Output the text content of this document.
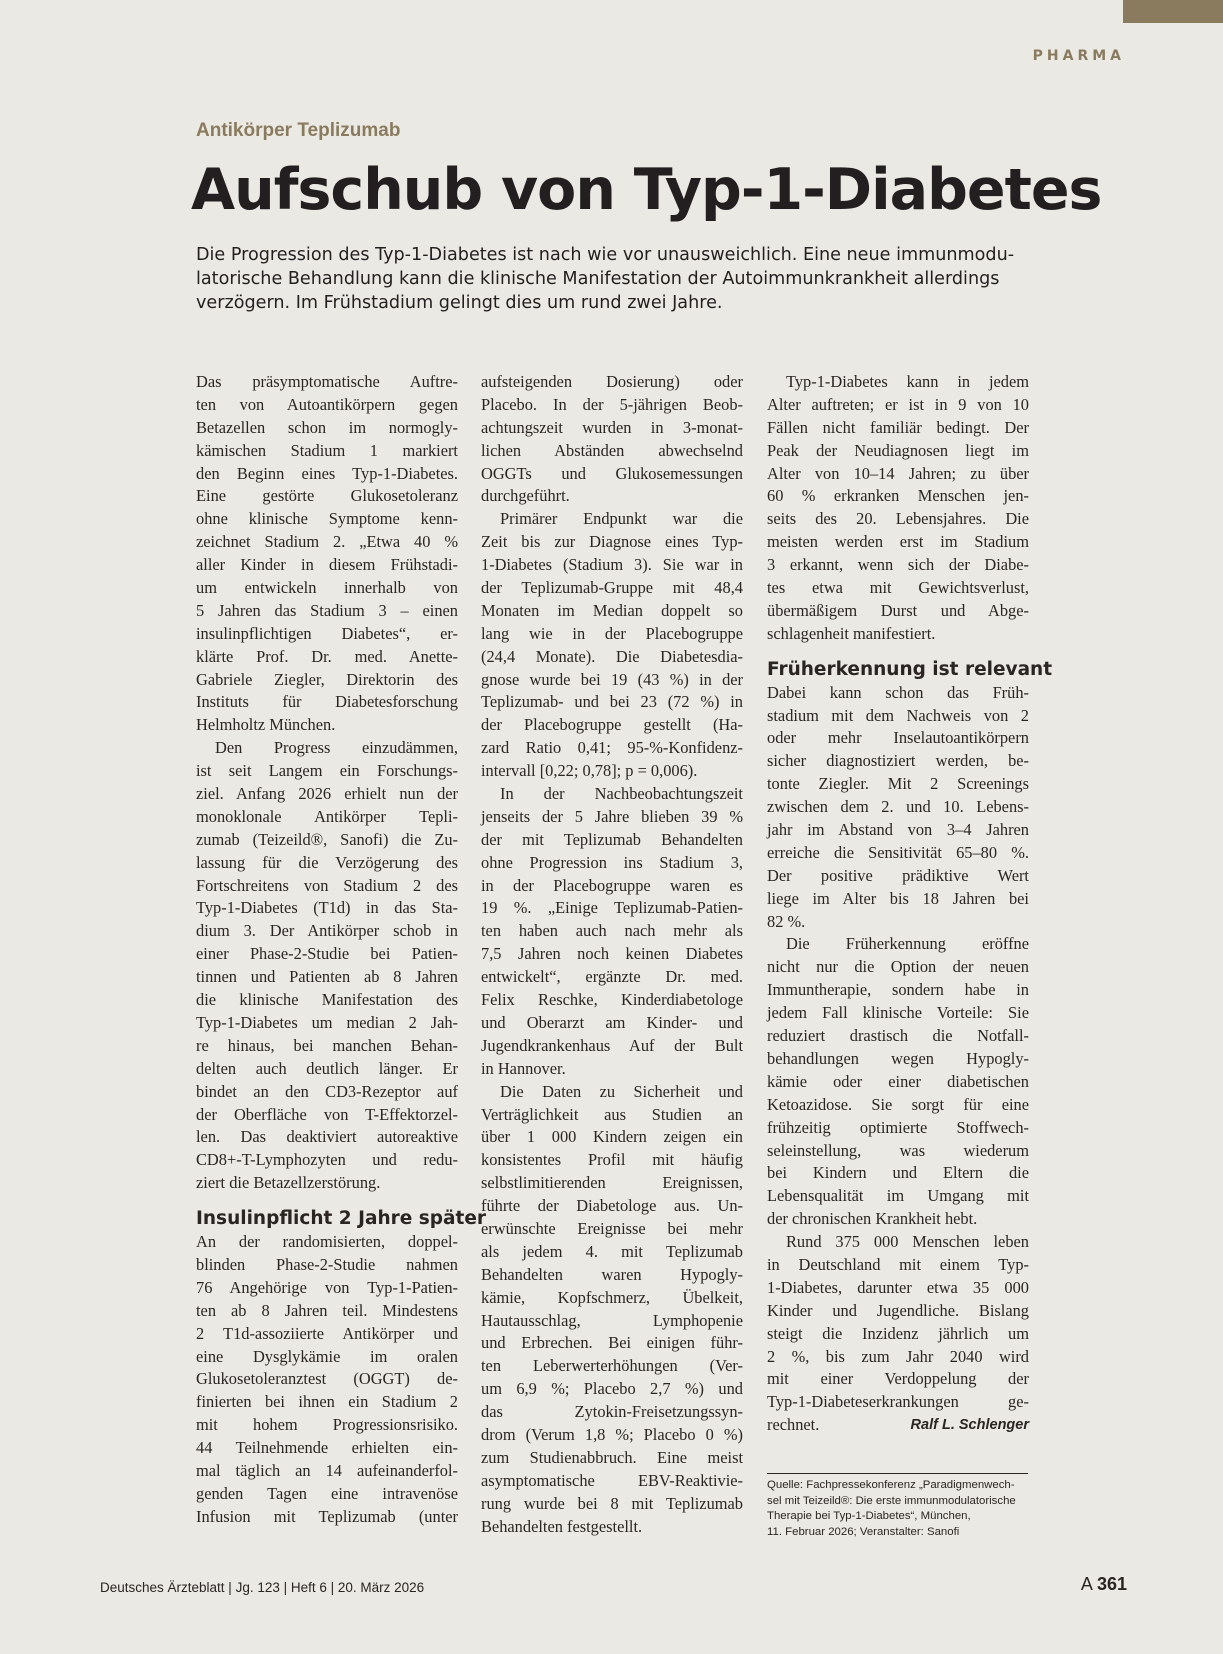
PHARMA
Antikörper Teplizumab
Aufschub von Typ-1-Diabetes
Die Progression des Typ-1-Diabetes ist nach wie vor unausweichlich. Eine neue immunmodu-
latorische Behandlung kann die klinische Manifestation der Autoimmunkrankheit allerdings
verzögern. Im Frühstadium gelingt dies um rund zwei Jahre.
Das präsymptomatische Auftre-
ten von Autoantikörpern gegen
Betazellen schon im normogly-
kämischen Stadium 1 markiert
den Beginn eines Typ-1-Diabetes.
Eine gestörte Glukosetoleranz
ohne klinische Symptome kenn-
zeichnet Stadium 2. „Etwa 40 %
aller Kinder in diesem Frühstadi-
um entwickeln innerhalb von
5 Jahren das Stadium 3 – einen
insulinpflichtigen Diabetes“, er-
klärte Prof. Dr. med. Anette-
Gabriele Ziegler, Direktorin des
Instituts für Diabetesforschung
Helmholtz München.
Den Progress einzudämmen,
ist seit Langem ein Forschungs-
ziel. Anfang 2026 erhielt nun der
monoklonale Antikörper Tepli-
zumab (Teizeild®, Sanofi) die Zu-
lassung für die Verzögerung des
Fortschreitens von Stadium 2 des
Typ-1-Diabetes (T1d) in das Sta-
dium 3. Der Antikörper schob in
einer Phase-2-Studie bei Patien-
tinnen und Patienten ab 8 Jahren
die klinische Manifestation des
Typ-1-Diabetes um median 2 Jah-
re hinaus, bei manchen Behan-
delten auch deutlich länger. Er
bindet an den CD3-Rezeptor auf
der Oberfläche von T-Effektorzel-
len. Das deaktiviert autoreaktive
CD8+-T-Lymphozyten und redu-
ziert die Betazellzerstörung.
Insulinpflicht 2 Jahre später
An der randomisierten, doppel-
blinden Phase-2-Studie nahmen
76 Angehörige von Typ-1-Patien-
ten ab 8 Jahren teil. Mindestens
2 T1d-assoziierte Antikörper und
eine Dysglykämie im oralen
Glukosetoleranztest (OGGT) de-
finierten bei ihnen ein Stadium 2
mit hohem Progressionsrisiko.
44 Teilnehmende erhielten ein-
mal täglich an 14 aufeinanderfol-
genden Tagen eine intravenöse
Infusion mit Teplizumab (unter
aufsteigenden Dosierung) oder
Placebo. In der 5-jährigen Beob-
achtungszeit wurden in 3-monat-
lichen Abständen abwechselnd
OGGTs und Glukosemessungen
durchgeführt.
Primärer Endpunkt war die
Zeit bis zur Diagnose eines Typ-
1-Diabetes (Stadium 3). Sie war in
der Teplizumab-Gruppe mit 48,4
Monaten im Median doppelt so
lang wie in der Placebogruppe
(24,4 Monate). Die Diabetesdia-
gnose wurde bei 19 (43 %) in der
Teplizumab- und bei 23 (72 %) in
der Placebogruppe gestellt (Ha-
zard Ratio 0,41; 95-%-Konfidenz-
intervall [0,22; 0,78]; p = 0,006).
In der Nachbeobachtungszeit
jenseits der 5 Jahre blieben 39 %
der mit Teplizumab Behandelten
ohne Progression ins Stadium 3,
in der Placebogruppe waren es
19 %. „Einige Teplizumab-Patien-
ten haben auch nach mehr als
7,5 Jahren noch keinen Diabetes
entwickelt“, ergänzte Dr. med.
Felix Reschke, Kinderdiabetologe
und Oberarzt am Kinder- und
Jugendkrankenhaus Auf der Bult
in Hannover.
Die Daten zu Sicherheit und
Verträglichkeit aus Studien an
über 1 000 Kindern zeigen ein
konsistentes Profil mit häufig
selbstlimitierenden Ereignissen,
führte der Diabetologe aus. Un-
erwünschte Ereignisse bei mehr
als jedem 4. mit Teplizumab
Behandelten waren Hypogly-
kämie, Kopfschmerz, Übelkeit,
Hautausschlag, Lymphopenie
und Erbrechen. Bei einigen führ-
ten Leberwerterhöhungen (Ver-
um 6,9 %; Placebo 2,7 %) und
das Zytokin-Freisetzungssyn-
drom (Verum 1,8 %; Placebo 0 %)
zum Studienabbruch. Eine meist
asymptomatische EBV-Reaktivie-
rung wurde bei 8 mit Teplizumab
Behandelten festgestellt.
Typ-1-Diabetes kann in jedem
Alter auftreten; er ist in 9 von 10
Fällen nicht familiär bedingt. Der
Peak der Neudiagnosen liegt im
Alter von 10–14 Jahren; zu über
60 % erkranken Menschen jen-
seits des 20. Lebensjahres. Die
meisten werden erst im Stadium
3 erkannt, wenn sich der Diabe-
tes etwa mit Gewichtsverlust,
übermäßigem Durst und Abge-
schlagenheit manifestiert.
Früherkennung ist relevant
Dabei kann schon das Früh-
stadium mit dem Nachweis von 2
oder mehr Inselautoantikörpern
sicher diagnostiziert werden, be-
tonte Ziegler. Mit 2 Screenings
zwischen dem 2. und 10. Lebens-
jahr im Abstand von 3–4 Jahren
erreiche die Sensitivität 65–80 %.
Der positive prädiktive Wert
liege im Alter bis 18 Jahren bei
82 %.
Die Früherkennung eröffne
nicht nur die Option der neuen
Immuntherapie, sondern habe in
jedem Fall klinische Vorteile: Sie
reduziert drastisch die Notfall-
behandlungen wegen Hypogly-
kämie oder einer diabetischen
Ketoazidose. Sie sorgt für eine
frühzeitig optimierte Stoffwech-
seleinstellung, was wiederum
bei Kindern und Eltern die
Lebensqualität im Umgang mit
der chronischen Krankheit hebt.
Rund 375 000 Menschen leben
in Deutschland mit einem Typ-
1-Diabetes, darunter etwa 35 000
Kinder und Jugendliche. Bislang
steigt die Inzidenz jährlich um
2 %, bis zum Jahr 2040 wird
mit einer Verdoppelung der
Typ-1-Diabeteserkrankungen ge-
rechnet.	Ralf L. Schlenger
Quelle: Fachpressekonferenz „Paradigmenwech-
sel mit Teizeild®: Die erste immunmodulatorische
Therapie bei Typ-1-Diabetes“, München,
11. Februar 2026; Veranstalter: Sanofi
Deutsches Ärzteblatt | Jg. 123 | Heft 6 | 20. März 2026	A 361
